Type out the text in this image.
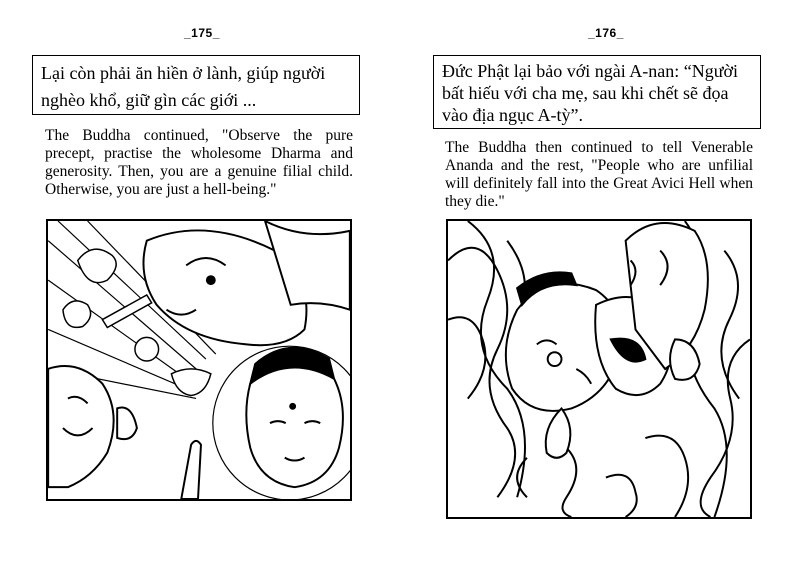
_175_
Lại còn phải ăn hiền ở lành, giúp người nghèo khổ, giữ gìn các giới ...
The Buddha continued, "Observe the pure precept, practise the wholesome Dharma and generosity. Then, you are a genuine filial child. Otherwise, you are just a hell-being."
_176_
Đức Phật lại bảo với ngài A-nan: “Người bất hiếu với cha mẹ, sau khi chết sẽ đọa vào địa ngục A-tỳ”.
The Buddha then continued to tell Venerable Ananda and the rest, "People who are unfilial will definitely fall into the Great Avici Hell when they die."
